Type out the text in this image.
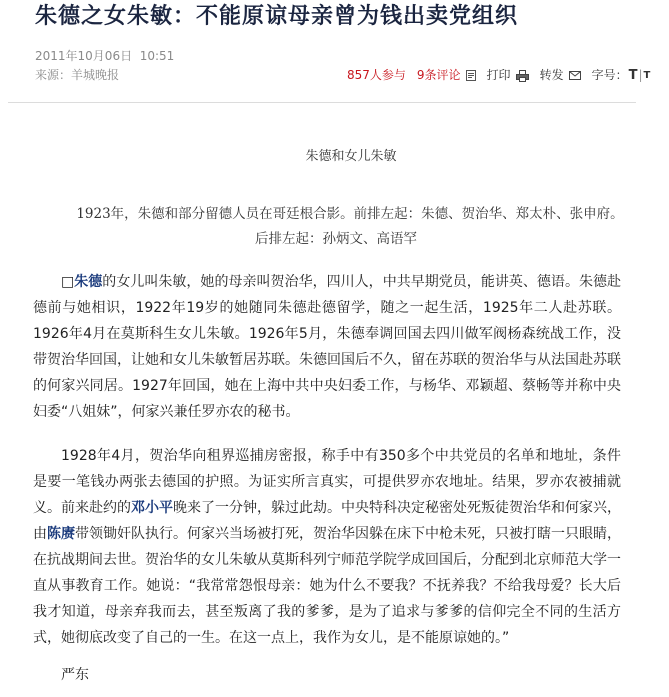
朱德之女朱敏：不能原谅母亲曾为钱出卖党组织
2011年10月06日  10:51
来源：羊城晚报	857人参与 9条评论 打印 转发 字号： T | T
朱德和女儿朱敏
1923年，朱德和部分留德人员在哥廷根合影。前排左起：朱德、贺治华、郑太朴、张申府。
后排左起：孙炳文、高语罕

□朱德的女儿叫朱敏，她的母亲叫贺治华，四川人，中共早期党员，能讲英、德语。朱德赴德前与她相识，1922年19岁的她随同朱德赴德留学，随之一起生活，1925年二人赴苏联。1926年4月在莫斯科生女儿朱敏。1926年5月，朱德奉调回国去四川做军阀杨森统战工作，没带贺治华回国，让她和女儿朱敏暂居苏联。朱德回国后不久，留在苏联的贺治华与从法国赴苏联的何家兴同居。1927年回国，她在上海中共中央妇委工作，与杨华、邓颖超、蔡畅等并称中央妇委“八姐妹”，何家兴兼任罗亦农的秘书。

1928年4月，贺治华向租界巡捕房密报，称手中有350多个中共党员的名单和地址，条件是要一笔钱办两张去德国的护照。为证实所言真实，可提供罗亦农地址。结果，罗亦农被捕就义。前来赴约的邓小平晚来了一分钟，躲过此劫。中央特科决定秘密处死叛徒贺治华和何家兴，由陈赓带领锄奸队执行。何家兴当场被打死，贺治华因躲在床下中枪未死，只被打瞎一只眼睛，在抗战期间去世。贺治华的女儿朱敏从莫斯科列宁师范学院学成回国后，分配到北京师范大学一直从事教育工作。她说：“我常常怨恨母亲：她为什么不要我？不抚养我？不给我母爱？长大后我才知道，母亲弃我而去，甚至叛离了我的爹爹，是为了追求与爹爹的信仰完全不同的生活方式，她彻底改变了自己的一生。在这一点上，我作为女儿，是不能原谅她的。”

严东
